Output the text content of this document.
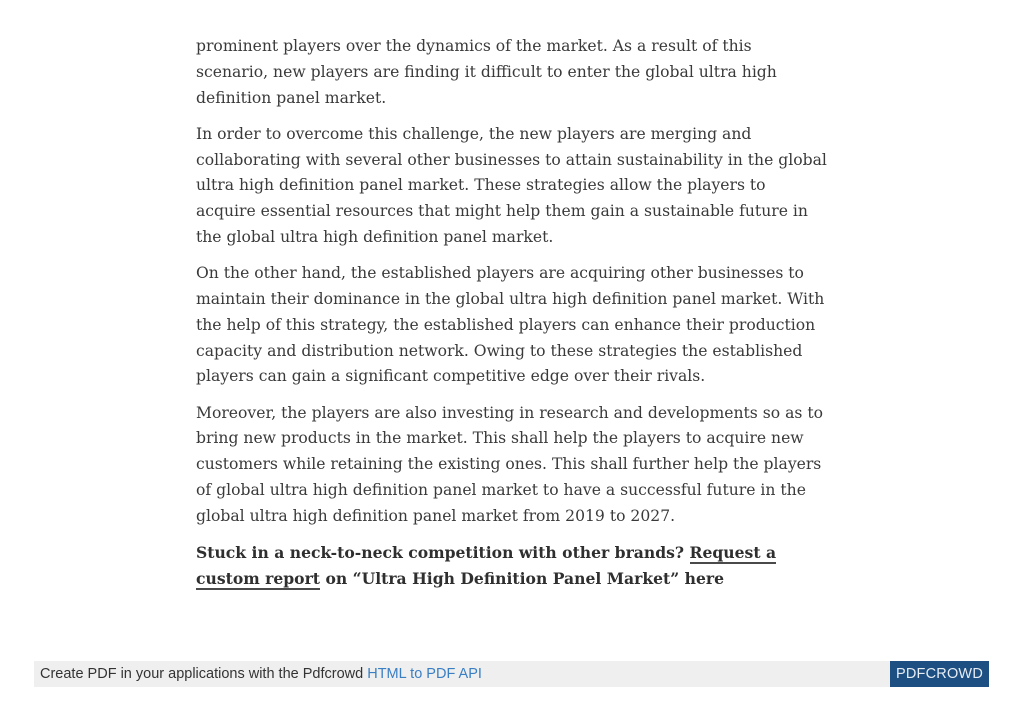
prominent players over the dynamics of the market. As a result of this scenario, new players are finding it difficult to enter the global ultra high definition panel market.

In order to overcome this challenge, the new players are merging and collaborating with several other businesses to attain sustainability in the global ultra high definition panel market. These strategies allow the players to acquire essential resources that might help them gain a sustainable future in the global ultra high definition panel market.

On the other hand, the established players are acquiring other businesses to maintain their dominance in the global ultra high definition panel market. With the help of this strategy, the established players can enhance their production capacity and distribution network. Owing to these strategies the established players can gain a significant competitive edge over their rivals.

Moreover, the players are also investing in research and developments so as to bring new products in the market. This shall help the players to acquire new customers while retaining the existing ones. This shall further help the players of global ultra high definition panel market to have a successful future in the global ultra high definition panel market from 2019 to 2027.

Stuck in a neck-to-neck competition with other brands? Request a custom report on “Ultra High Definition Panel Market” here

Create PDF in your applications with the Pdfcrowd HTML to PDF API	PDFCROWD
